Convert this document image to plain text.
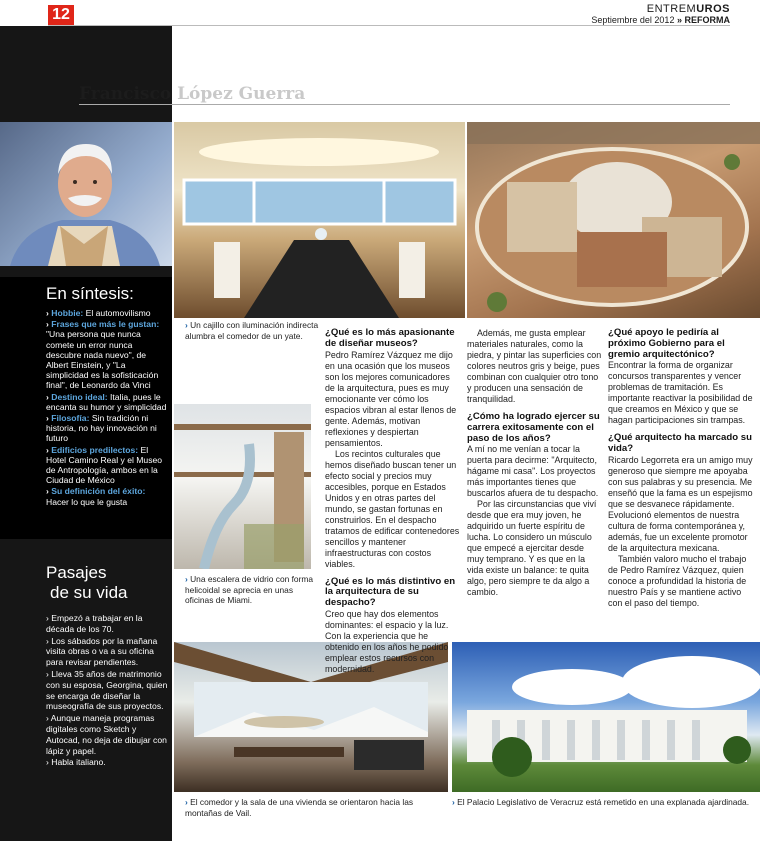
12	ENTREMUROS
Septiembre del 2012 » REFORMA
Francisco López Guerra
En síntesis:
› Hobbie: El automovilismo
› Frases que más le gustan: "Una persona que nunca comete un error nunca descubre nada nuevo", de Albert Einstein, y "La simplicidad es la sofisticación final", de Leonardo da Vinci
› Destino ideal: Italia, pues le encanta su humor y simplicidad
› Filosofía: Sin tradición ni historia, no hay innovación ni futuro
› Edificios predilectos: El Hotel Camino Real y el Museo de Antropología, ambos en la Ciudad de México
› Su definición del éxito: Hacer lo que le gusta
Pasajes
de su vida
› Empezó a trabajar en la década de los 70.
› Los sábados por la mañana visita obras o va a su oficina para revisar pendientes.
› Lleva 35 años de matrimonio con su esposa, Georgina, quien se encarga de diseñar la museografía de sus proyectos.
› Aunque maneja programas digitales como Sketch y Autocad, no deja de dibujar con lápiz y papel.
› Habla italiano.
› Un cajillo con iluminación indirecta alumbra el comedor de un yate.
› Una escalera de vidrio con forma helicoidal se aprecia en unas oficinas de Miami.
› El comedor y la sala de una vivienda se orientaron hacia las montañas de Vail.
› El Palacio Legislativo de Veracruz está remetido en una explanada ajardinada.
¿Qué es lo más apasionante de diseñar museos?

Pedro Ramírez Vázquez me dijo en una ocasión que los museos son los mejores comunicadores de la arquitectura, pues es muy emocionante ver cómo los espacios vibran al estar llenos de gente. Además, motivan reflexiones y despiertan pensamientos.

Los recintos culturales que hemos diseñado buscan tener un efecto social y precios muy accesibles, porque en Estados Unidos y en otras partes del mundo, se gastan fortunas en construirlos. En el despacho tratamos de edificar contenedores sencillos y mantener infraestructuras con costos viables.

¿Qué es lo más distintivo en la arquitectura de su despacho?

Creo que hay dos elementos dominantes: el espacio y la luz. Con la experiencia que he obtenido en los años he podido emplear estos recursos con modernidad.

Además, me gusta emplear materiales naturales, como la piedra, y pintar las superficies con colores neutros gris y beige, pues combinan con cualquier otro tono y producen una sensación de tranquilidad.

¿Cómo ha logrado ejercer su carrera exitosamente con el paso de los años?

A mí no me venían a tocar la puerta para decirme: "Arquitecto, hágame mi casa". Los proyectos más importantes tienes que buscarlos afuera de tu despacho.

Por las circunstancias que viví desde que era muy joven, he adquirido un fuerte espíritu de lucha. Lo considero un músculo que empecé a ejercitar desde muy temprano. Y es que en la vida existe un balance: te quita algo, pero siempre te da algo a cambio.

¿Qué apoyo le pediría al próximo Gobierno para el gremio arquitectónico?

Encontrar la forma de organizar concursos transparentes y vencer problemas de tramitación. Es importante reactivar la posibilidad de que creamos en México y que se hagan participaciones sin trampas.

¿Qué arquitecto ha marcado su vida?

Ricardo Legorreta era un amigo muy generoso que siempre me apoyaba con sus palabras y su presencia. Me enseñó que la fama es un espejismo que se desvanece rápidamente. Evolucionó elementos de nuestra cultura de forma contemporánea y, además, fue un excelente promotor de la arquitectura mexicana.

También valoro mucho el trabajo de Pedro Ramírez Vázquez, quien conoce a profundidad la historia de nuestro País y se mantiene activo con el paso del tiempo.
